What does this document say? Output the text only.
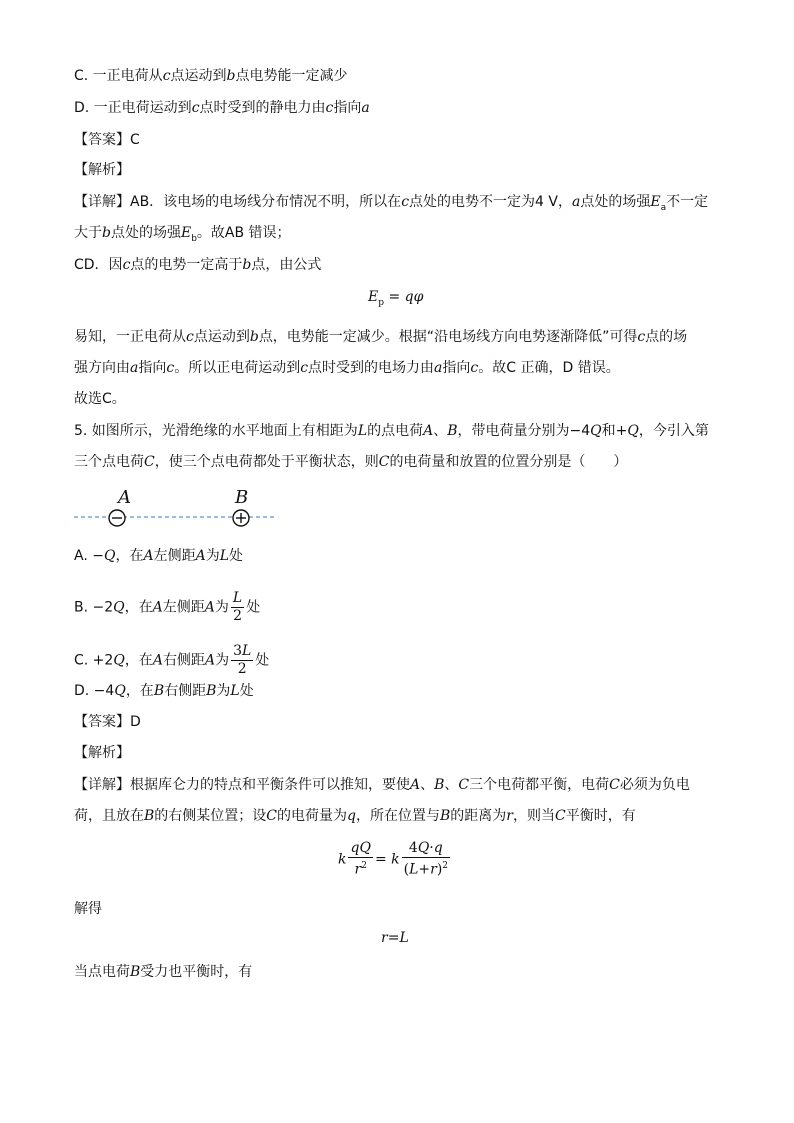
C. 一正电荷从c点运动到b点电势能一定减少
D. 一正电荷运动到c点时受到的静电力由c指向a
【答案】C
【解析】
【详解】AB．该电场的电场线分布情况不明，所以在c点处的电势不一定为4 V，a点处的场强$E_a$不一定
大于b点处的场强$E_b$。故AB 错误；
CD．因c点的电势一定高于b点，由公式
$E_p = q\varphi$
易知，一正电荷从c点运动到b点，电势能一定减少。根据“沿电场线方向电势逐渐降低”可得c点的场
强方向由a指向c。所以正电荷运动到c点时受到的电场力由a指向c。故C 正确，D 错误。
故选C。
5. 如图所示，光滑绝缘的水平地面上有相距为L的点电荷A、B，带电荷量分别为−4Q和+Q，今引入第
三个点电荷C，使三个点电荷都处于平衡状态，则C的电荷量和放置的位置分别是（　　）
A	B
A. −Q，在A左侧距A为L处
B. −2Q，在A左侧距A为 $\frac{L}{2}$ 处
C. +2Q，在A右侧距A为 $\frac{3L}{2}$ 处
D. −4Q，在B右侧距B为L处
【答案】D
【解析】
【详解】根据库仑力的特点和平衡条件可以推知，要使A、B、C三个电荷都平衡，电荷C必须为负电
荷，且放在B的右侧某位置；设C的电荷量为q，所在位置与B的距离为r，则当C平衡时，有
k $\frac{qQ}{r^2} = k \frac{4Q\cdot q}{(L+r)^2}$
解得
r=L
当点电荷B受力也平衡时，有
